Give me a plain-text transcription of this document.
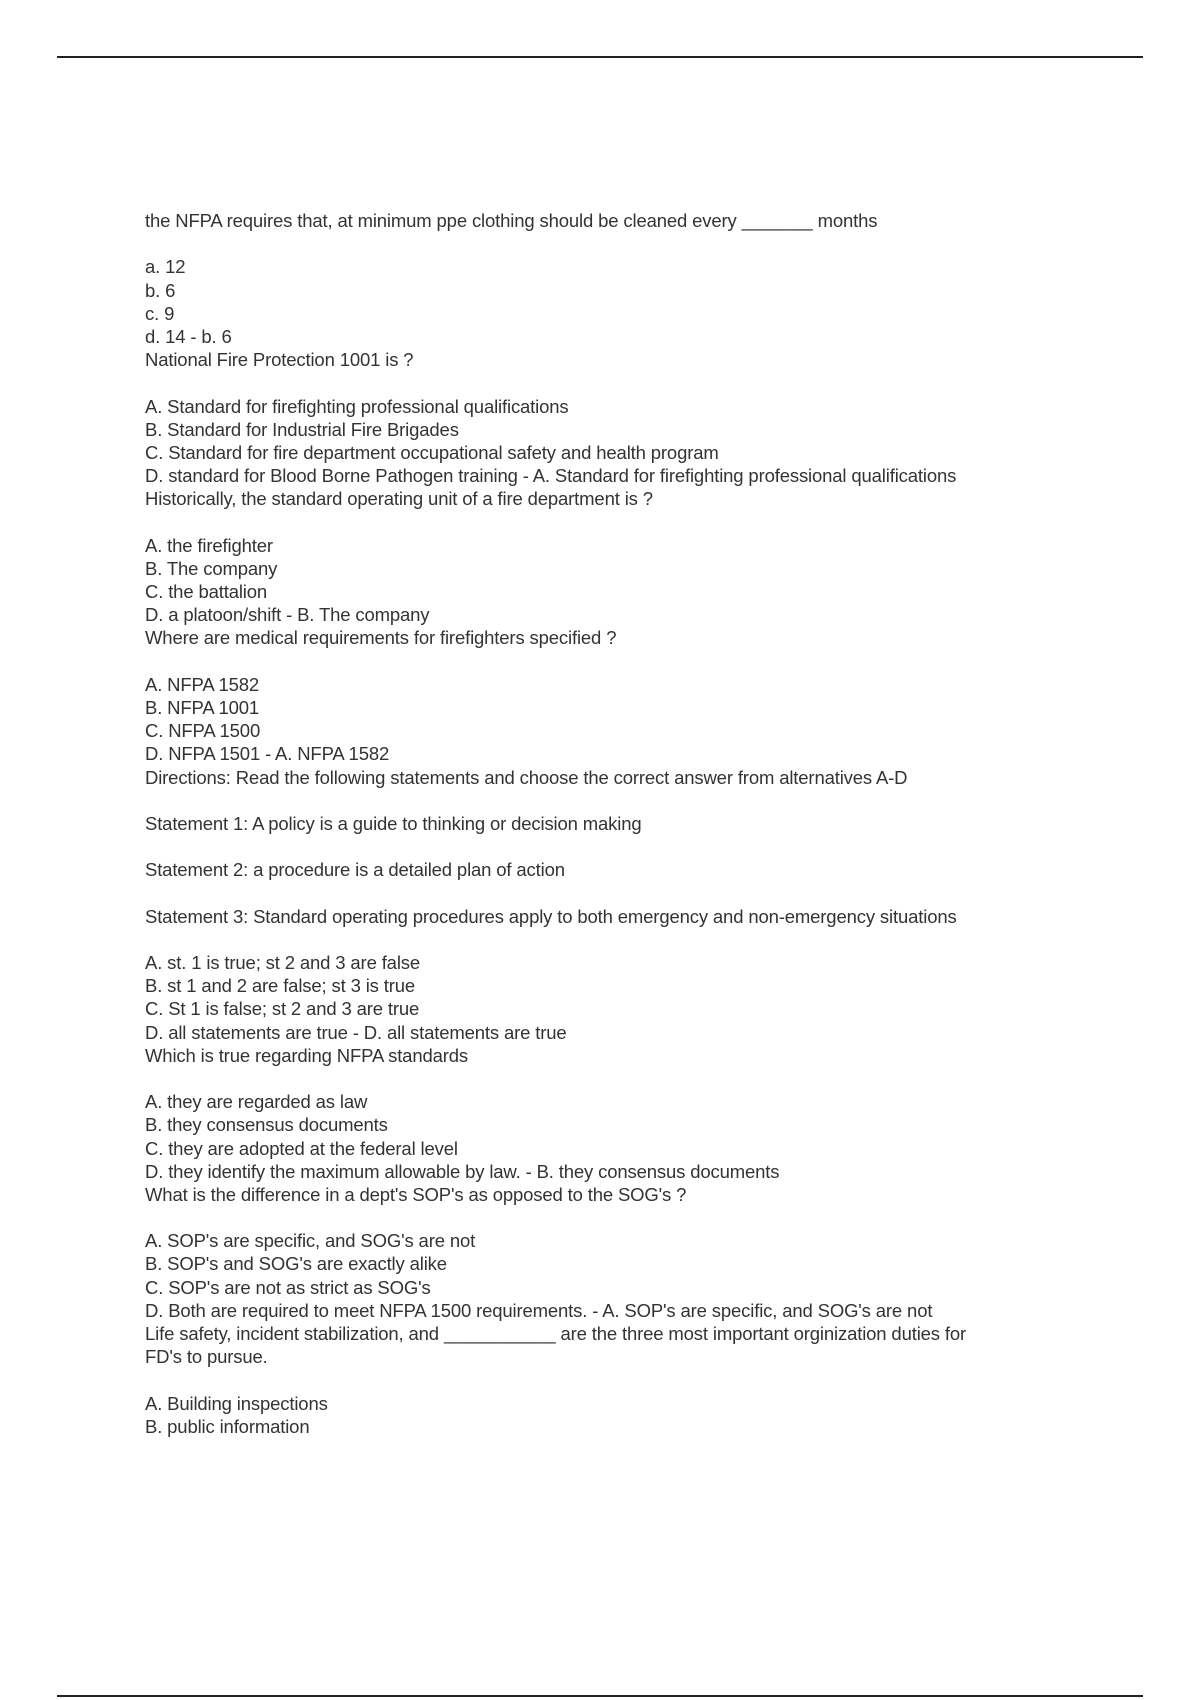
the NFPA requires that, at minimum ppe clothing should be cleaned every _______ months
a. 12
b. 6
c. 9
d. 14 - b. 6
National Fire Protection 1001 is ?
A. Standard for firefighting professional qualifications
B. Standard for Industrial Fire Brigades
C. Standard for fire department occupational safety and health program
D. standard for Blood Borne Pathogen training - A. Standard for firefighting professional qualifications
Historically, the standard operating unit of a fire department is ?
A. the firefighter
B. The company
C. the battalion
D. a platoon/shift - B. The company
Where are medical requirements for firefighters specified ?
A. NFPA 1582
B. NFPA 1001
C. NFPA 1500
D. NFPA 1501 - A. NFPA 1582
Directions: Read the following statements and choose the correct answer from alternatives A-D
Statement 1: A policy is a guide to thinking or decision making
Statement 2: a procedure is a detailed plan of action
Statement 3: Standard operating procedures apply to both emergency and non-emergency situations
A. st. 1 is true; st 2 and 3 are false
B. st 1 and 2 are false; st 3 is true
C. St 1 is false; st 2 and 3 are true
D. all statements are true - D. all statements are true
Which is true regarding NFPA standards
A. they are regarded as law
B. they consensus documents
C. they are adopted at the federal level
D. they identify the maximum allowable by law. - B. they consensus documents
What is the difference in a dept's SOP's as opposed to the SOG's ?
A. SOP's are specific, and SOG's are not
B. SOP's and SOG's are exactly alike
C. SOP's are not as strict as SOG's
D. Both are required to meet NFPA 1500 requirements. - A. SOP's are specific, and SOG's are not
Life safety, incident stabilization, and ___________ are the three most important orginization duties for
FD's to pursue.
A. Building inspections
B. public information
